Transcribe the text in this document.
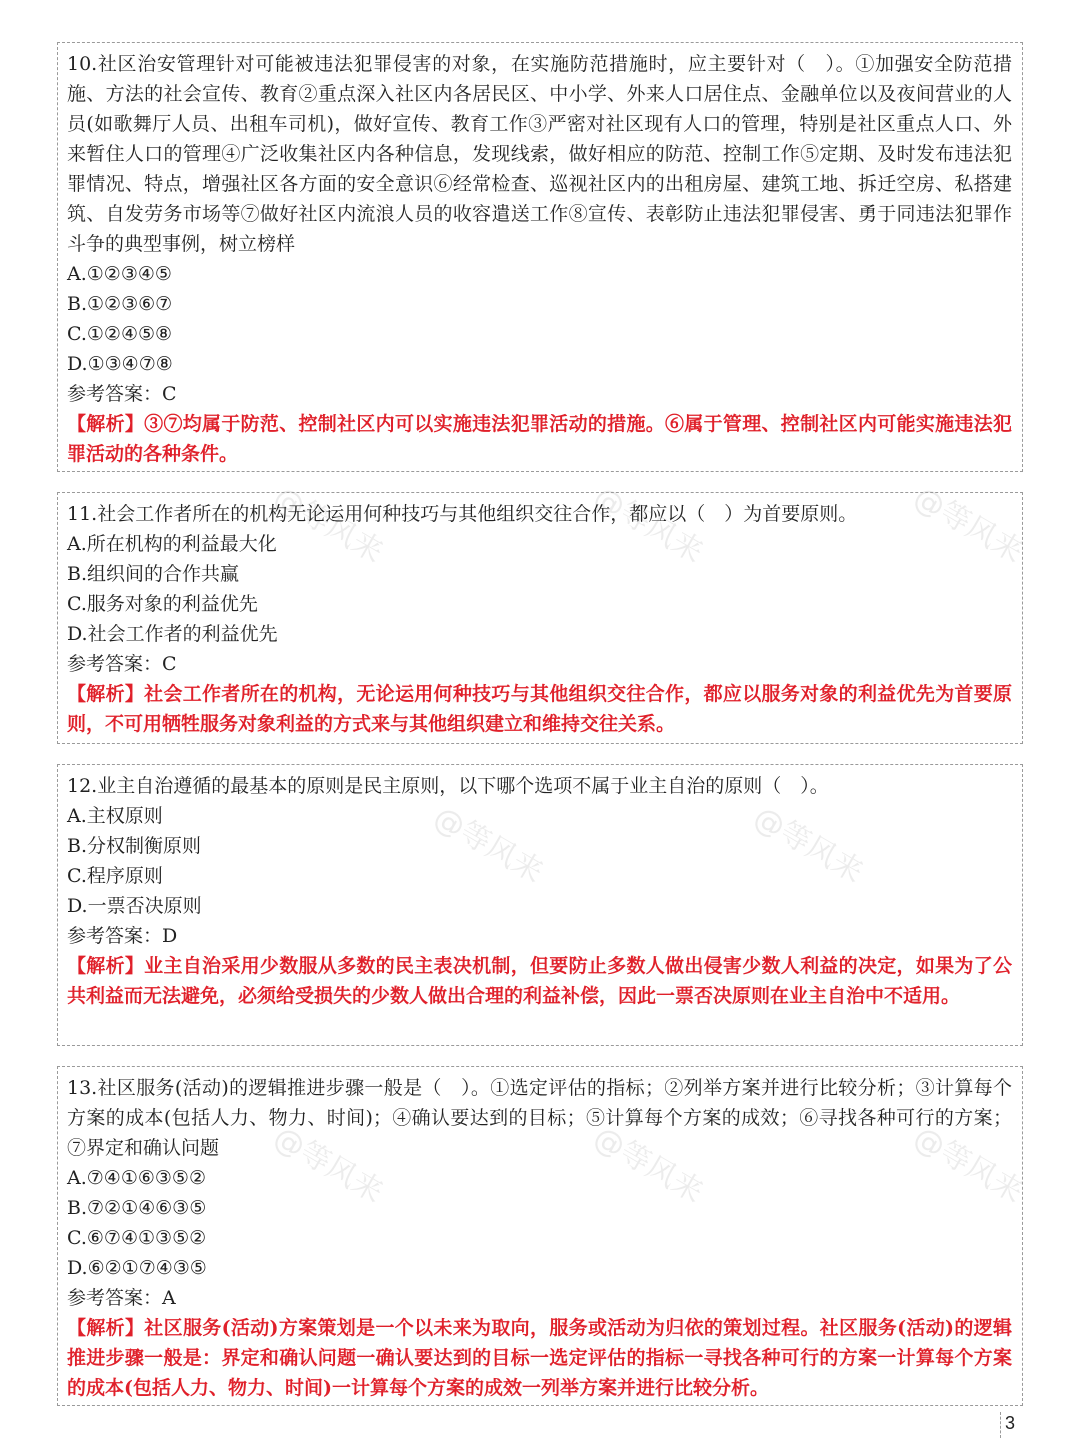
@等风来	@等风来	@等风来
@等风来	@等风来
@等风来	@等风来	@等风来

10.社区治安管理针对可能被违法犯罪侵害的对象，在实施防范措施时，应主要针对（　）。①加强安全防范措施、方法的社会宣传、教育②重点深入社区内各居民区、中小学、外来人口居住点、金融单位以及夜间营业的人员(如歌舞厅人员、出租车司机)，做好宣传、教育工作③严密对社区现有人口的管理，特别是社区重点人口、外来暂住人口的管理④广泛收集社区内各种信息，发现线索，做好相应的防范、控制工作⑤定期、及时发布违法犯罪情况、特点，增强社区各方面的安全意识⑥经常检查、巡视社区内的出租房屋、建筑工地、拆迁空房、私搭建筑、自发劳务市场等⑦做好社区内流浪人员的收容遣送工作⑧宣传、表彰防止违法犯罪侵害、勇于同违法犯罪作斗争的典型事例，树立榜样

A.①②③④⑤

B.①②③⑥⑦

C.①②④⑤⑧

D.①③④⑦⑧

参考答案：C

【解析】③⑦均属于防范、控制社区内可以实施违法犯罪活动的措施。⑥属于管理、控制社区内可能实施违法犯罪活动的各种条件。

11.社会工作者所在的机构无论运用何种技巧与其他组织交往合作，都应以（　）为首要原则。

A.所在机构的利益最大化

B.组织间的合作共赢

C.服务对象的利益优先

D.社会工作者的利益优先

参考答案：C

【解析】社会工作者所在的机构，无论运用何种技巧与其他组织交往合作，都应以服务对象的利益优先为首要原则，不可用牺牲服务对象利益的方式来与其他组织建立和维持交往关系。

12.业主自治遵循的最基本的原则是民主原则，以下哪个选项不属于业主自治的原则（　）。

A.主权原则

B.分权制衡原则

C.程序原则

D.一票否决原则

参考答案：D

【解析】业主自治采用少数服从多数的民主表决机制，但要防止多数人做出侵害少数人利益的决定，如果为了公共利益而无法避免，必须给受损失的少数人做出合理的利益补偿，因此一票否决原则在业主自治中不适用。

13.社区服务(活动)的逻辑推进步骤一般是（　）。①选定评估的指标；②列举方案并进行比较分析；③计算每个方案的成本(包括人力、物力、时间)；④确认要达到的目标；⑤计算每个方案的成效；⑥寻找各种可行的方案；⑦界定和确认问题

A.⑦④①⑥③⑤②

B.⑦②①④⑥③⑤

C.⑥⑦④①③⑤②

D.⑥②①⑦④③⑤

参考答案：A

【解析】社区服务(活动)方案策划是一个以未来为取向，服务或活动为归依的策划过程。社区服务(活动)的逻辑推进步骤一般是：界定和确认问题一确认要达到的目标一选定评估的指标一寻找各种可行的方案一计算每个方案的成本(包括人力、物力、时间)一计算每个方案的成效一列举方案并进行比较分析。

3
